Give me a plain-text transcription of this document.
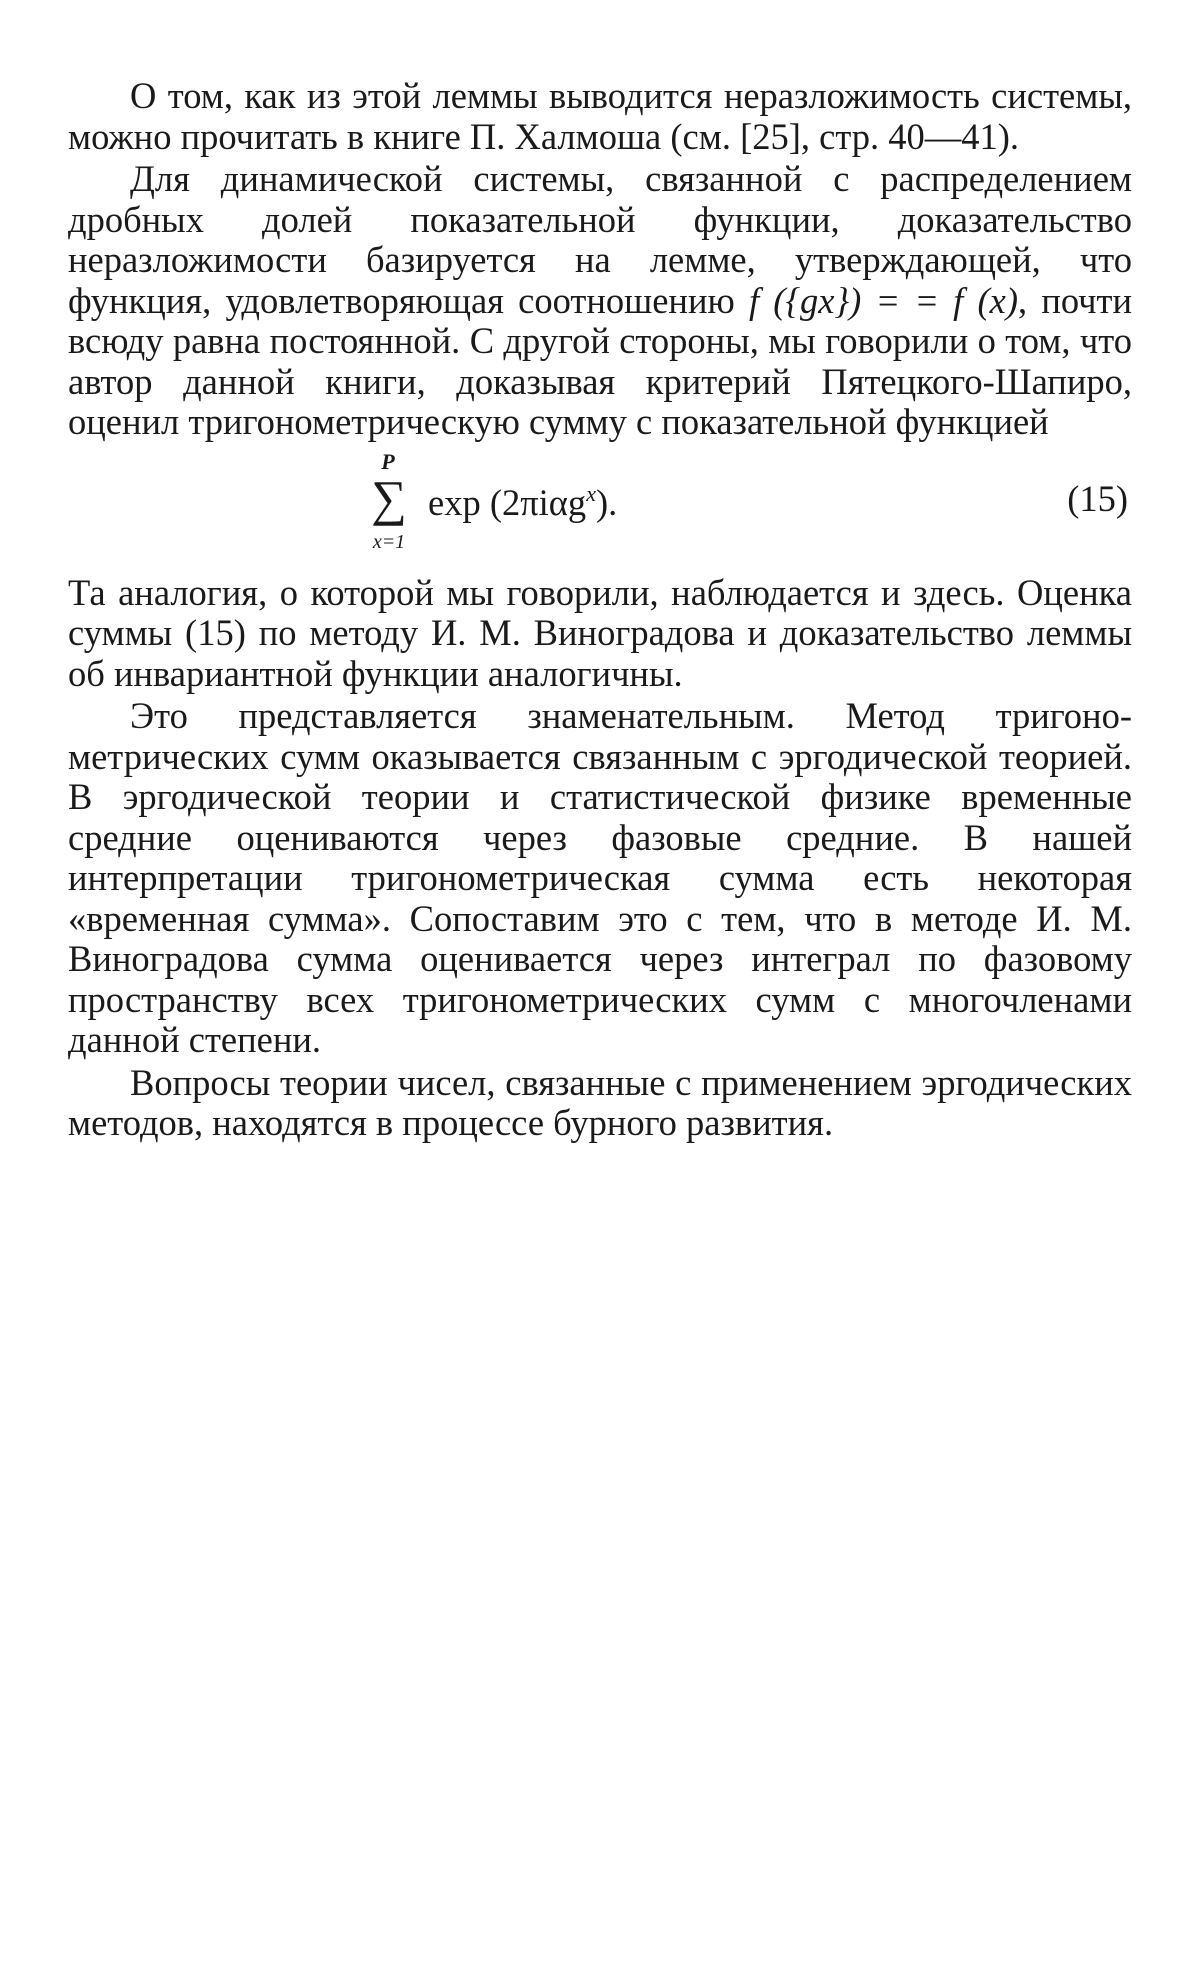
О том, как из этой леммы выводится неразложимость системы, можно прочитать в книге П. Халмоша (см. [25], стр. 40—41).

Для динамической системы, связанной с распределением дробных долей показательной функции, доказательство неразложимости базируется на лемме, утверждающей, что функция, удовлетворяющая соотношению f ({gx}) = = f (x), почти всюду равна постоянной. С другой стороны, мы говорили о том, что автор данной книги, доказывая критерий Пятецкого-Шапиро, оценил тригонометрическую сумму с показательной функцией

P
∑
x=1
exp (2πiαg$^x$).	(15)

Та аналогия, о которой мы говорили, наблюдается и здесь. Оценка суммы (15) по методу И. М. Виноградова и доказательство леммы об инвариантной функции аналогичны.

Это представляется знаменательным. Метод тригонометрических сумм оказывается связанным с эргодической теорией. В эргодической теории и статистической физике временные средние оцениваются через фазовые средние. В нашей интерпретации тригонометрическая сумма есть некоторая «временная сумма». Сопоставим это с тем, что в методе И. М. Виноградова сумма оценивается через интеграл по фазовому пространству всех тригонометрических сумм с многочленами данной степени.

Вопросы теории чисел, связанные с применением эргодических методов, находятся в процессе бурного развития.
